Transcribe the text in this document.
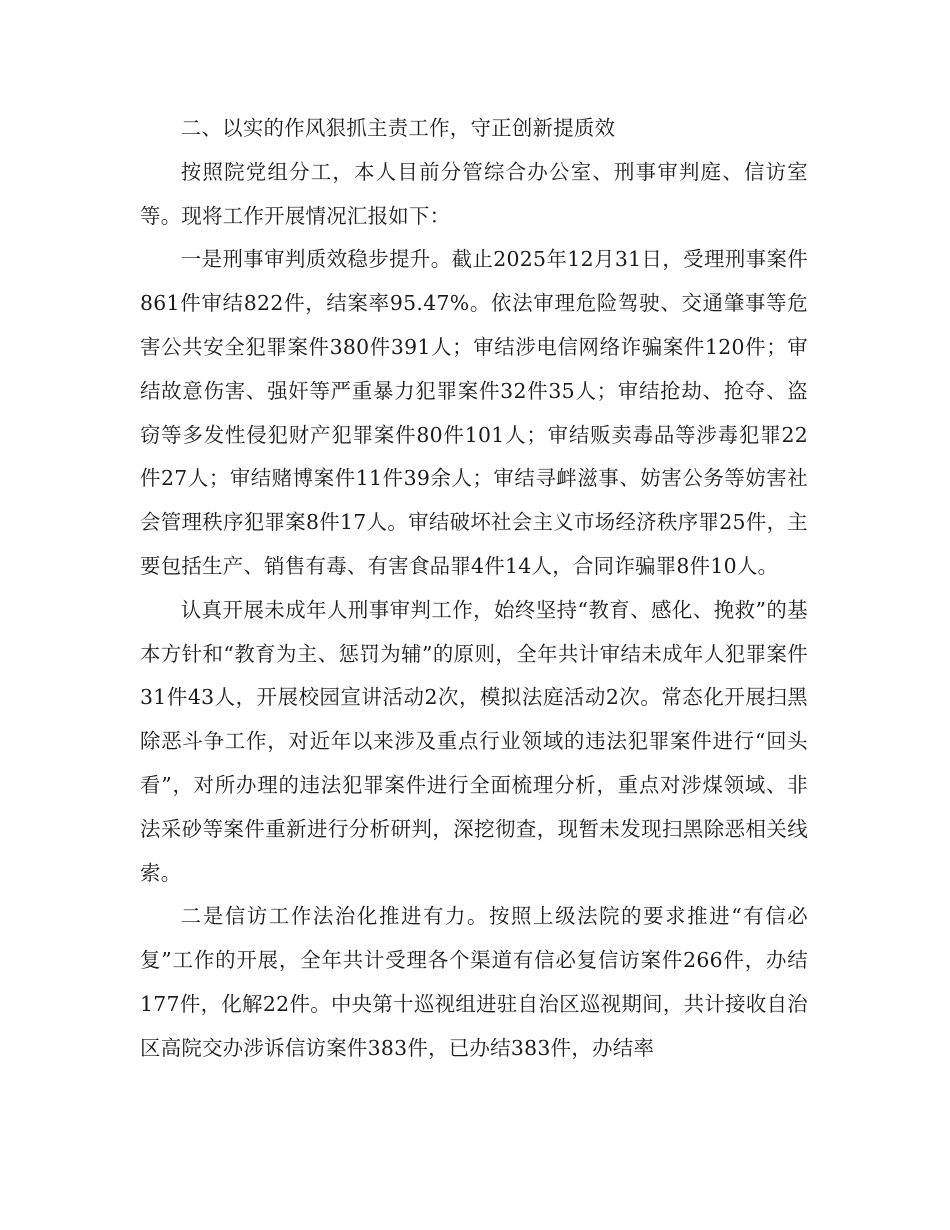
二、以实的作风狠抓主责工作，守正创新提质效

按照院党组分工，本人目前分管综合办公室、刑事审判庭、信访室等。现将工作开展情况汇报如下：

一是刑事审判质效稳步提升。截止2025年12月31日，受理刑事案件861件审结822件，结案率95.47%。依法审理危险驾驶、交通肇事等危害公共安全犯罪案件380件391人；审结涉电信网络诈骗案件120件；审结故意伤害、强奸等严重暴力犯罪案件32件35人；审结抢劫、抢夺、盗窃等多发性侵犯财产犯罪案件80件101人；审结贩卖毒品等涉毒犯罪22件27人；审结赌博案件11件39余人；审结寻衅滋事、妨害公务等妨害社会管理秩序犯罪案8件17人。审结破坏社会主义市场经济秩序罪25件，主要包括生产、销售有毒、有害食品罪4件14人，合同诈骗罪8件10人。

认真开展未成年人刑事审判工作，始终坚持“教育、感化、挽救”的基本方针和“教育为主、惩罚为辅”的原则，全年共计审结未成年人犯罪案件31件43人，开展校园宣讲活动2次，模拟法庭活动2次。常态化开展扫黑除恶斗争工作，对近年以来涉及重点行业领域的违法犯罪案件进行“回头看”，对所办理的违法犯罪案件进行全面梳理分析，重点对涉煤领域、非法采砂等案件重新进行分析研判，深挖彻查，现暂未发现扫黑除恶相关线索。

二是信访工作法治化推进有力。按照上级法院的要求推进“有信必复”工作的开展，全年共计受理各个渠道有信必复信访案件266件，办结177件，化解22件。中央第十巡视组进驻自治区巡视期间，共计接收自治区高院交办涉诉信访案件383件，已办结383件，办结率
